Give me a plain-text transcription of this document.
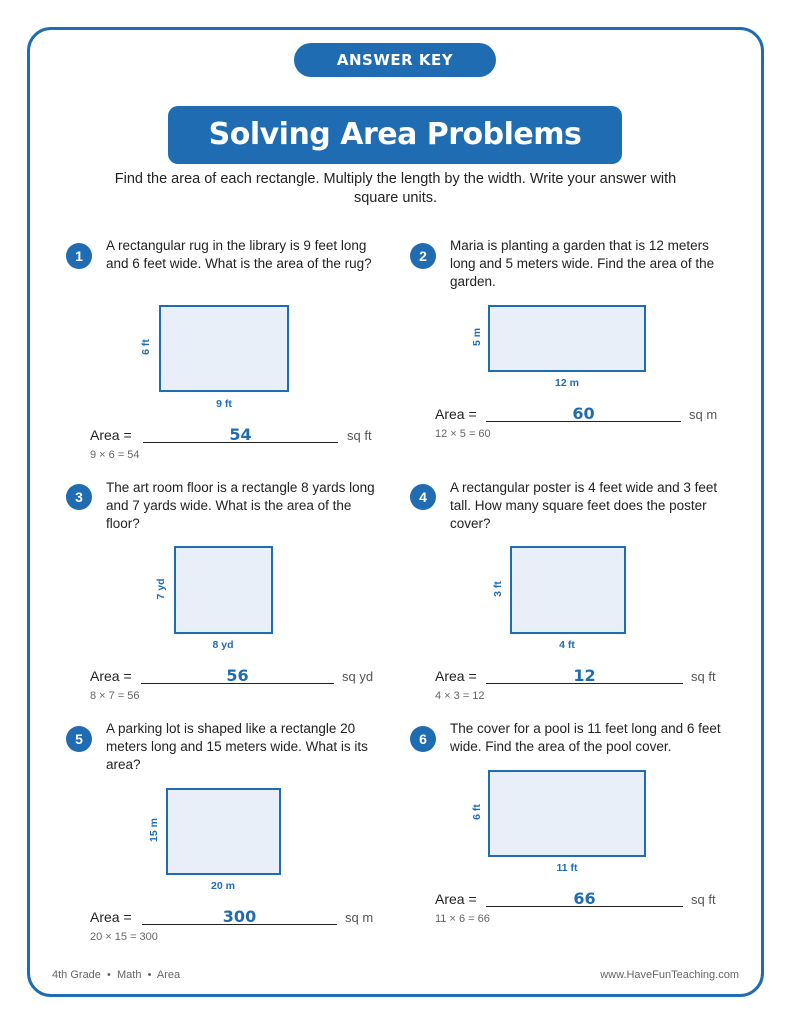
ANSWER KEY
Solving Area Problems
Find the area of each rectangle. Multiply the length by the width. Write your answer with square units.
1
A rectangular rug in the library is 9 feet long and 6 feet wide. What is the area of the rug?
6 ft
9 ft
Area =	54	sq ft
9 × 6 = 54
2
Maria is planting a garden that is 12 meters long and 5 meters wide. Find the area of the garden.
5 m
12 m
Area =	60	sq m
12 × 5 = 60
3
The art room floor is a rectangle 8 yards long and 7 yards wide. What is the area of the floor?
7 yd
8 yd
Area =	56	sq yd
8 × 7 = 56
4
A rectangular poster is 4 feet wide and 3 feet tall. How many square feet does the poster cover?
3 ft
4 ft
Area =	12	sq ft
4 × 3 = 12
5
A parking lot is shaped like a rectangle 20 meters long and 15 meters wide. What is its area?
15 m
20 m
Area =	300	sq m
20 × 15 = 300
6
The cover for a pool is 11 feet long and 6 feet wide. Find the area of the pool cover.
6 ft
11 ft
Area =	66	sq ft
11 × 6 = 66
4th Grade  •  Math  •  Area	www.HaveFunTeaching.com
